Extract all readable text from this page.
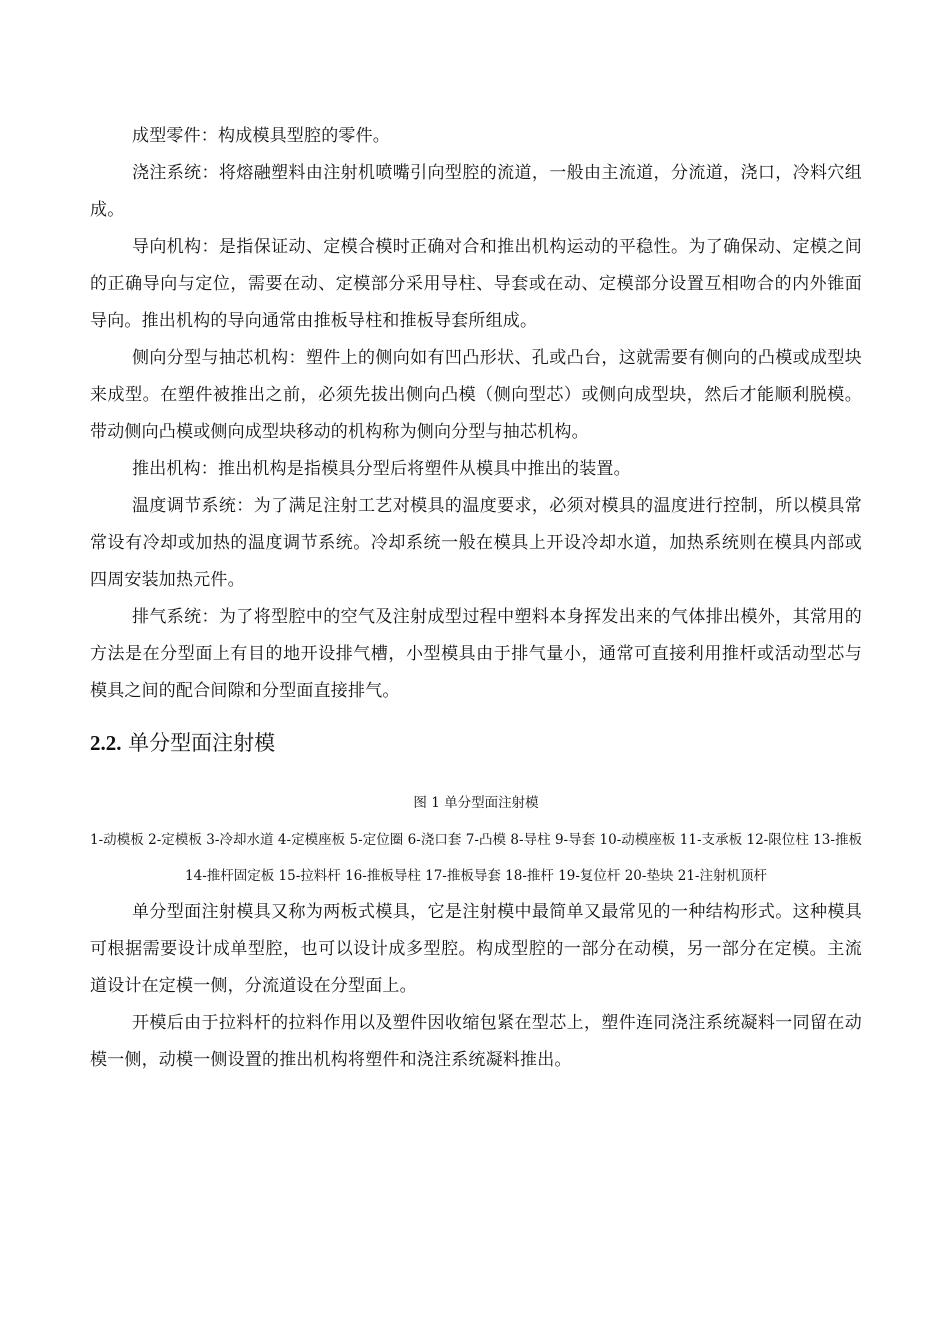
成型零件：构成模具型腔的零件。

浇注系统：将熔融塑料由注射机喷嘴引向型腔的流道，一般由主流道，分流道，浇口，冷料穴组成。

导向机构：是指保证动、定模合模时正确对合和推出机构运动的平稳性。为了确保动、定模之间的正确导向与定位，需要在动、定模部分采用导柱、导套或在动、定模部分设置互相吻合的内外锥面导向。推出机构的导向通常由推板导柱和推板导套所组成。

侧向分型与抽芯机构：塑件上的侧向如有凹凸形状、孔或凸台，这就需要有侧向的凸模或成型块来成型。在塑件被推出之前，必须先拔出侧向凸模（侧向型芯）或侧向成型块，然后才能顺利脱模。带动侧向凸模或侧向成型块移动的机构称为侧向分型与抽芯机构。

推出机构：推出机构是指模具分型后将塑件从模具中推出的装置。

温度调节系统：为了满足注射工艺对模具的温度要求，必须对模具的温度进行控制，所以模具常常设有冷却或加热的温度调节系统。冷却系统一般在模具上开设冷却水道，加热系统则在模具内部或四周安装加热元件。

排气系统：为了将型腔中的空气及注射成型过程中塑料本身挥发出来的气体排出模外，其常用的方法是在分型面上有目的地开设排气槽，小型模具由于排气量小，通常可直接利用推杆或活动型芯与模具之间的配合间隙和分型面直接排气。

2.2. 单分型面注射模

图 1 单分型面注射模

1-动模板 2-定模板 3-冷却水道 4-定模座板 5-定位圈 6-浇口套 7-凸模 8-导柱 9-导套 10-动模座板 11-支承板 12-限位柱 13-推板 14-推杆固定板 15-拉料杆 16-推板导柱 17-推板导套 18-推杆 19-复位杆 20-垫块 21-注射机顶杆

单分型面注射模具又称为两板式模具，它是注射模中最简单又最常见的一种结构形式。这种模具可根据需要设计成单型腔，也可以设计成多型腔。构成型腔的一部分在动模，另一部分在定模。主流道设计在定模一侧，分流道设在分型面上。

开模后由于拉料杆的拉料作用以及塑件因收缩包紧在型芯上，塑件连同浇注系统凝料一同留在动模一侧，动模一侧设置的推出机构将塑件和浇注系统凝料推出。
